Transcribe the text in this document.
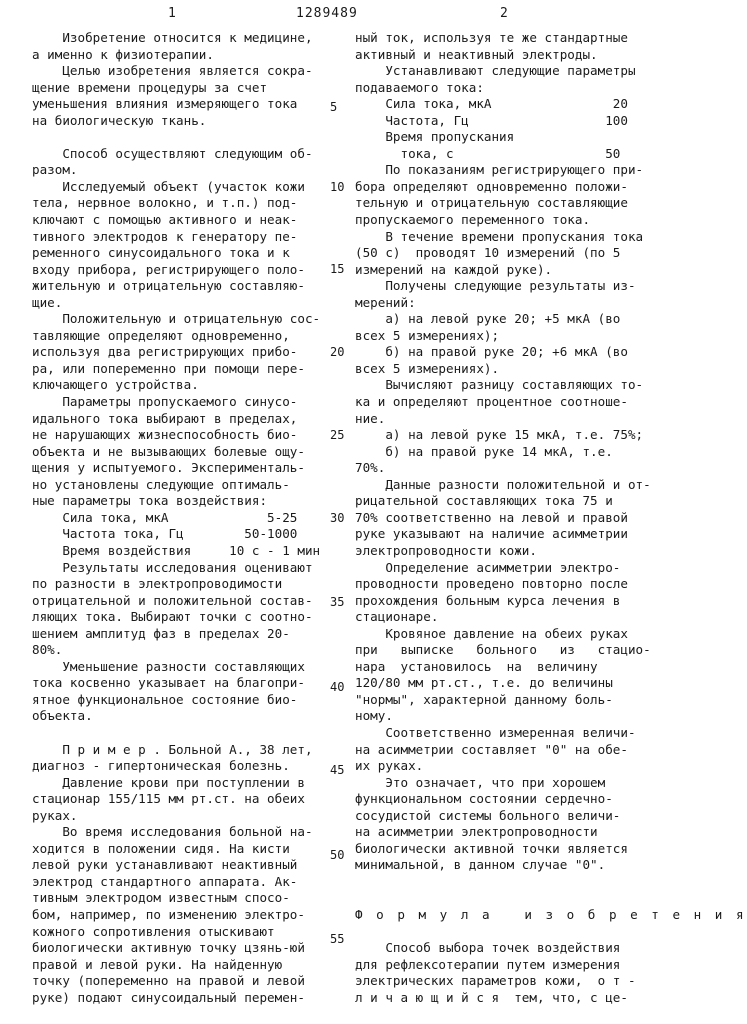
1	1289489	2
Изобретение относится к медицине,
а именно к физиотерапии.
Целью изобретения является сокра-
щение времени процедуры за счет
уменьшения влияния измеряющего тока
на биологическую ткань.
Способ осуществляют следующим об-
разом.
Исследуемый объект (участок кожи
тела, нервное волокно, и т.п.) под-
ключают с помощью активного и неак-
тивного электродов к генератору пе-
ременного синусоидального тока и к
входу прибора, регистрирующего поло-
жительную и отрицательную составляю-
щие.
Положительную и отрицательную сос-
тавляющие определяют одновременно,
используя два регистрирующих прибо-
ра, или попеременно при помощи пере-
ключающего устройства.
Параметры пропускаемого синусо-
идального тока выбирают в пределах,
не нарушающих жизнеспособность био-
объекта и не вызывающих болевые ощу-
щения у испытуемого. Эксперименталь-
но установлены следующие оптималь-
ные параметры тока воздействия:
Сила тока, мкА             5-25
Частота тока, Гц        50-1000
Время воздействия     10 с - 1 мин
Результаты исследования оценивают
по разности в электропроводимости
отрицательной и положительной состав-
ляющих тока. Выбирают точки с соотно-
шением амплитуд фаз в пределах 20-
80%.
Уменьшение разности составляющих
тока косвенно указывает на благопри-
ятное функциональное состояние био-
объекта.
П р и м е р . Больной А., 38 лет,
диагноз - гипертоническая болезнь.
Давление крови при поступлении в
стационар 155/115 мм рт.ст. на обеих
руках.
Во время исследования больной на-
ходится в положении сидя. На кисти
левой руки устанавливают неактивный
электрод стандартного аппарата. Ак-
тивным электродом известным спосо-
бом, например, по изменению электро-
кожного сопротивления отыскивают
биологически активную точку цзянь-юй
правой и левой руки. На найденную
точку (попеременно на правой и левой
руке) подают синусоидальный перемен-
5
10
15
20
25
30
35
40
45
50
55
ный ток, используя те же стандартные
активный и неактивный электроды.
Устанавливают следующие параметры
подаваемого тока:
Сила тока, мкА                20
Частота, Гц                  100
Время пропускания
тока, с                    50
По показаниям регистрирующего при-
бора определяют одновременно положи-
тельную и отрицательную составляющие
пропускаемого переменного тока.
В течение времени пропускания тока
(50 с)  проводят 10 измерений (по 5
измерений на каждой руке).
Получены следующие результаты из-
мерений:
а) на левой руке 20; +5 мкА (во
всех 5 измерениях);
б) на правой руке 20; +6 мкА (во
всех 5 измерениях).
Вычисляют разницу составляющих то-
ка и определяют процентное соотноше-
ние.
а) на левой руке 15 мкА, т.е. 75%;
б) на правой руке 14 мкА, т.е.
70%.
Данные разности положительной и от-
рицательной составляющих тока 75 и
70% соответственно на левой и правой
руке указывают на наличие асимметрии
электропроводности кожи.
Определение асимметрии электро-
проводности проведено повторно после
прохождения больным курса лечения в
стационаре.
Кровяное давление на обеих руках
при   выписке   больного   из   стацио-
нара  установилось  на  величину
120/80 мм рт.ст., т.е. до величины
"нормы", характерной данному боль-
ному.
Соответственно измеренная величи-
на асимметрии составляет "0" на обе-
их руках.
Это означает, что при хорошем
функциональном состоянии сердечно-
сосудистой системы больного величи-
на асимметрии электропроводности
биологически активной точки является
минимальной, в данном случае "0".
Ф о р м у л а   и з о б р е т е н и я
Способ выбора точек воздействия
для рефлексотерапии путем измерения
электрических параметров кожи,  о т -
л и ч а ю щ и й с я  тем, что, с це-
